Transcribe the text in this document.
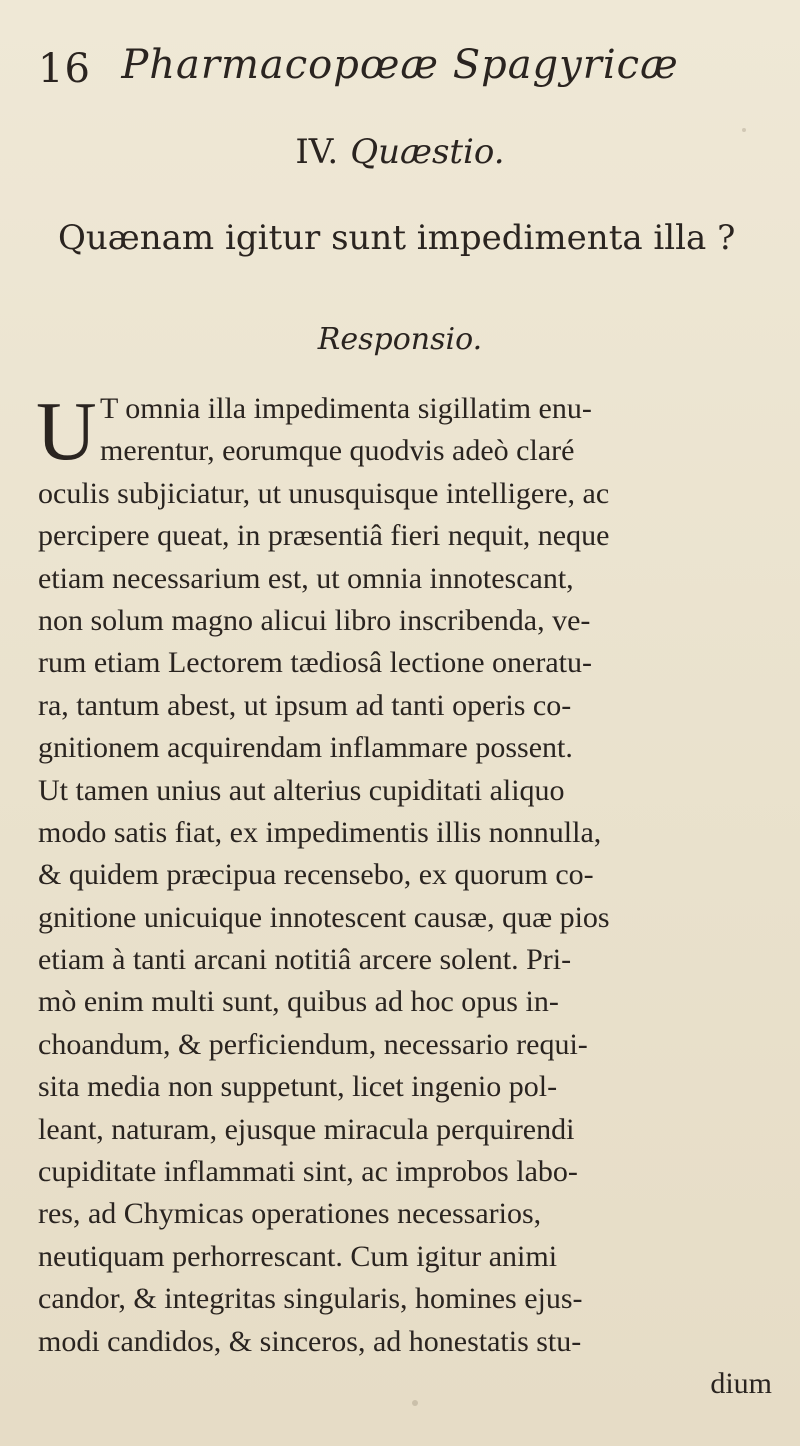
16 Pharmacopœæ Spagyricæ
IV. Quæstio.
Quænam igitur sunt impedimenta illa ?
Responsio.
U T omnia illa impedimenta sigillatim enu-
merentur, eorumque quodvis adeò claré
oculis subjiciatur, ut unusquisque intelligere, ac
percipere queat, in præsentiâ fieri nequit, neque
etiam necessarium est, ut omnia innotescant,
non solum magno alicui libro inscribenda, ve-
rum etiam Lectorem tædiosâ lectione oneratu-
ra, tantum abest, ut ipsum ad tanti operis co-
gnitionem acquirendam inflammare possent.
Ut tamen unius aut alterius cupiditati aliquo
modo satis fiat, ex impedimentis illis nonnulla,
& quidem præcipua recensebo, ex quorum co-
gnitione unicuique innotescent causæ, quæ pios
etiam à tanti arcani notitiâ arcere solent. Pri-
mò enim multi sunt, quibus ad hoc opus in-
choandum, & perficiendum, necessario requi-
sita media non suppetunt, licet ingenio pol-
leant, naturam, ejusque miracula perquirendi
cupiditate inflammati sint, ac improbos labo-
res, ad Chymicas operationes necessarios,
neutiquam perhorrescant. Cum igitur animi
candor, & integritas singularis, homines ejus-
modi candidos, & sinceros, ad honestatis stu-
dium
